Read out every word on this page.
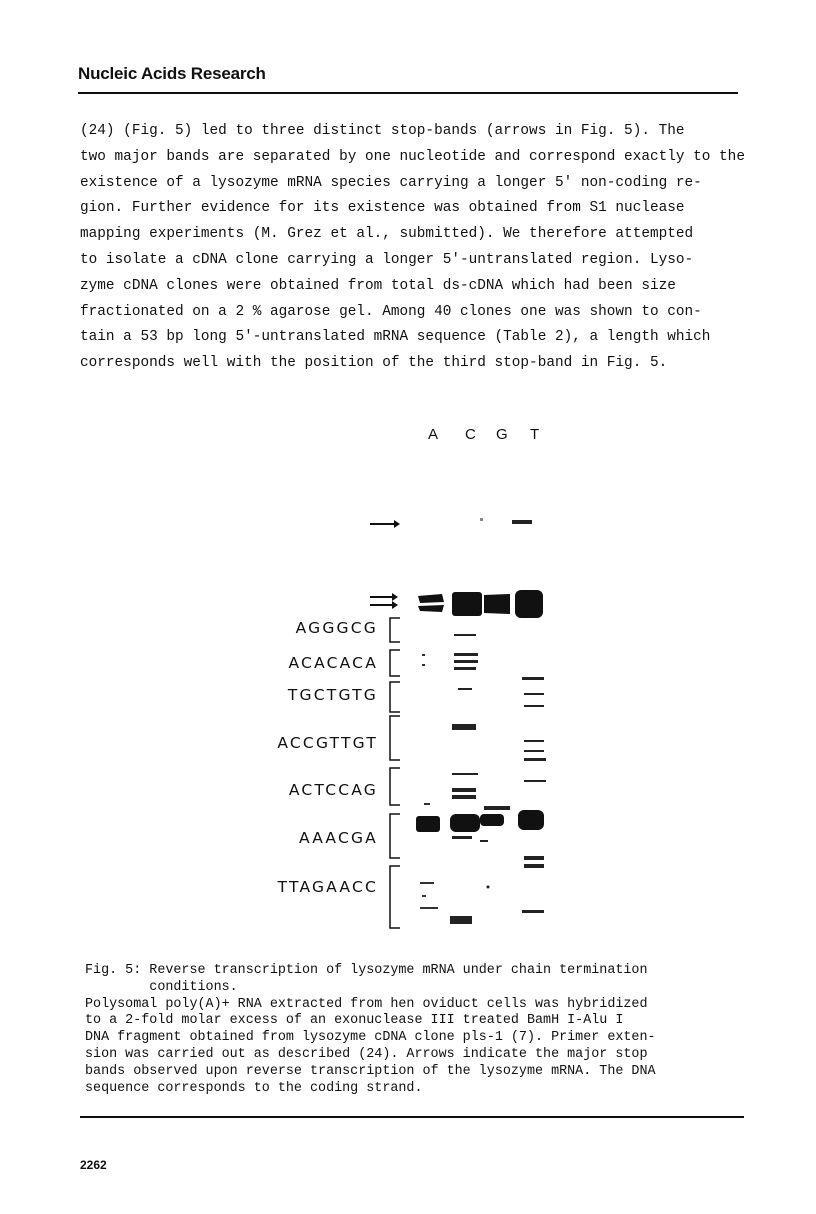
Nucleic Acids Research
(24) (Fig. 5) led to three distinct stop-bands (arrows in Fig. 5). The
two major bands are separated by one nucleotide and correspond exactly to the
existence of a lysozyme mRNA species carrying a longer 5' non-coding re-
gion. Further evidence for its existence was obtained from S1 nuclease
mapping experiments (M. Grez et al., submitted). We therefore attempted
to isolate a cDNA clone carrying a longer 5'-untranslated region. Lyso-
zyme cDNA clones were obtained from total ds-cDNA which had been size
fractionated on a 2 % agarose gel. Among 40 clones one was shown to con-
tain a 53 bp long 5'-untranslated mRNA sequence (Table 2), a length which
corresponds well with the position of the third stop-band in Fig. 5.
A C G T
AGGGCG
ACACACA
TGCTGTG
ACCGTTGT
ACTCCAG
AAACGA
TTAGAACC
Fig. 5: Reverse transcription of lysozyme mRNA under chain termination
conditions.
Polysomal poly(A)+ RNA extracted from hen oviduct cells was hybridized
to a 2-fold molar excess of an exonuclease III treated BamH I-Alu I
DNA fragment obtained from lysozyme cDNA clone pls-1 (7). Primer exten-
sion was carried out as described (24). Arrows indicate the major stop
bands observed upon reverse transcription of the lysozyme mRNA. The DNA
sequence corresponds to the coding strand.
2262
